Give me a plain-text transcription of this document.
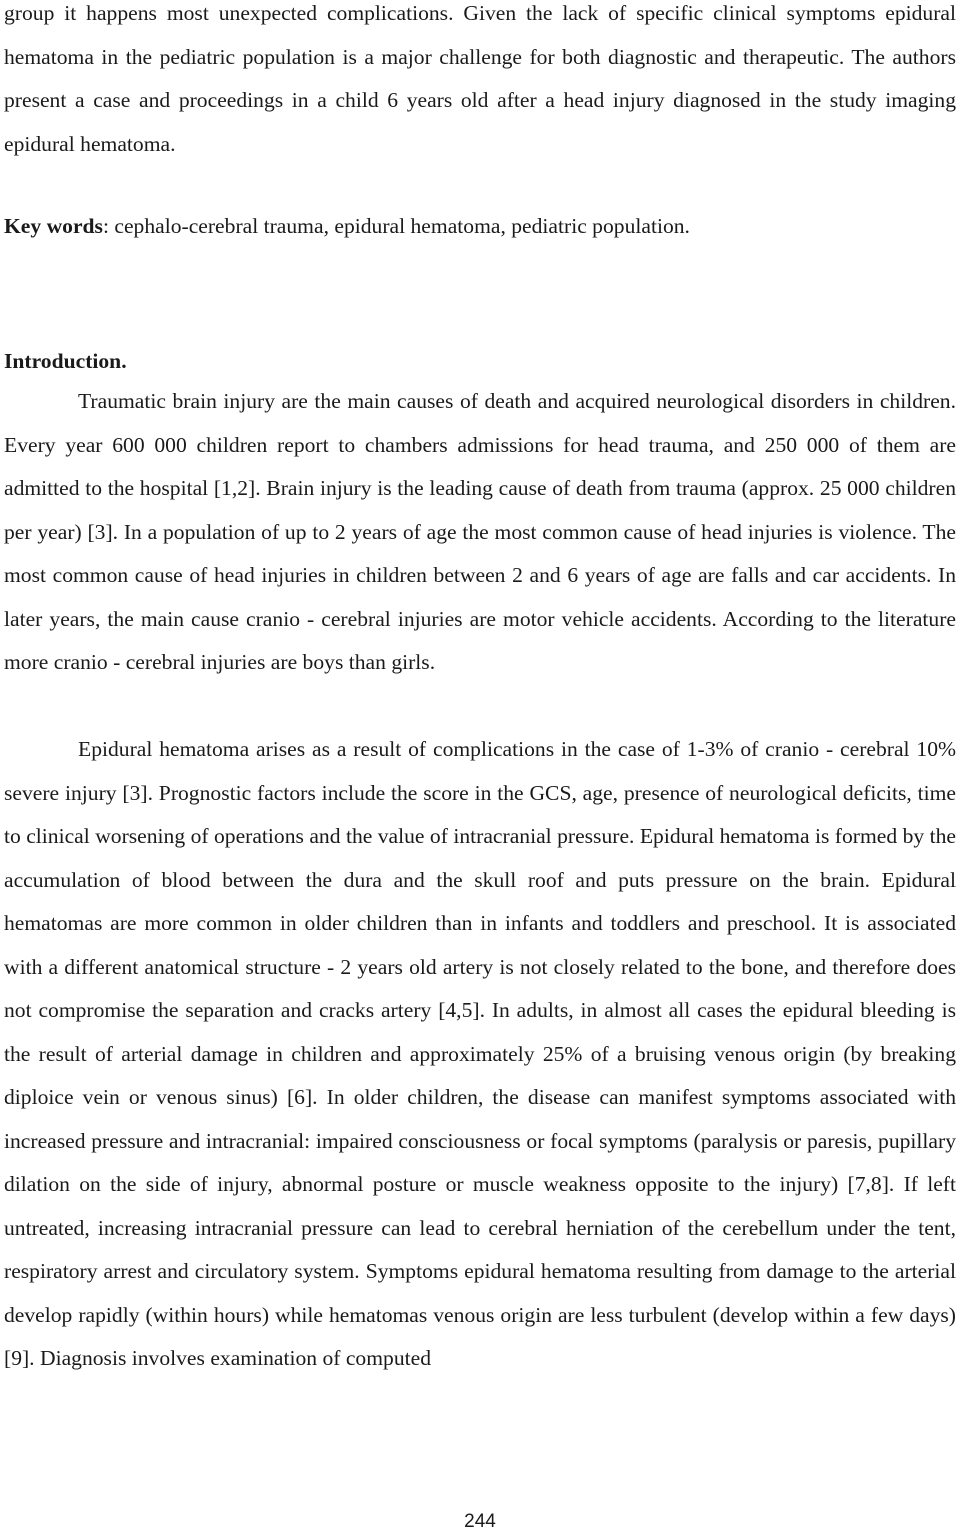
group it happens most unexpected complications. Given the lack of specific clinical symptoms epidural hematoma in the pediatric population is a major challenge for both diagnostic and therapeutic. The authors present a case and proceedings in a child 6 years old after a head injury diagnosed in the study imaging epidural hematoma.

Key words: cephalo-cerebral trauma, epidural hematoma, pediatric population.

Introduction.

Traumatic brain injury are the main causes of death and acquired neurological disorders in children. Every year 600 000 children report to chambers admissions for head trauma, and 250 000 of them are admitted to the hospital [1,2]. Brain injury is the leading cause of death from trauma (approx. 25 000 children per year) [3]. In a population of up to 2 years of age the most common cause of head injuries is violence. The most common cause of head injuries in children between 2 and 6 years of age are falls and car accidents. In later years, the main cause cranio - cerebral injuries are motor vehicle accidents. According to the literature more cranio - cerebral injuries are boys than girls.

Epidural hematoma arises as a result of complications in the case of 1-3% of cranio - cerebral 10% severe injury [3]. Prognostic factors include the score in the GCS, age, presence of neurological deficits, time to clinical worsening of operations and the value of intracranial pressure. Epidural hematoma is formed by the accumulation of blood between the dura and the skull roof and puts pressure on the brain. Epidural hematomas are more common in older children than in infants and toddlers and preschool. It is associated with a different anatomical structure - 2 years old artery is not closely related to the bone, and therefore does not compromise the separation and cracks artery [4,5]. In adults, in almost all cases the epidural bleeding is the result of arterial damage in children and approximately 25% of a bruising venous origin (by breaking diploice vein or venous sinus) [6]. In older children, the disease can manifest symptoms associated with increased pressure and intracranial: impaired consciousness or focal symptoms (paralysis or paresis, pupillary dilation on the side of injury, abnormal posture or muscle weakness opposite to the injury) [7,8]. If left untreated, increasing intracranial pressure can lead to cerebral herniation of the cerebellum under the tent, respiratory arrest and circulatory system. Symptoms epidural hematoma resulting from damage to the arterial develop rapidly (within hours) while hematomas venous origin are less turbulent (develop within a few days) [9]. Diagnosis involves examination of computed

244
